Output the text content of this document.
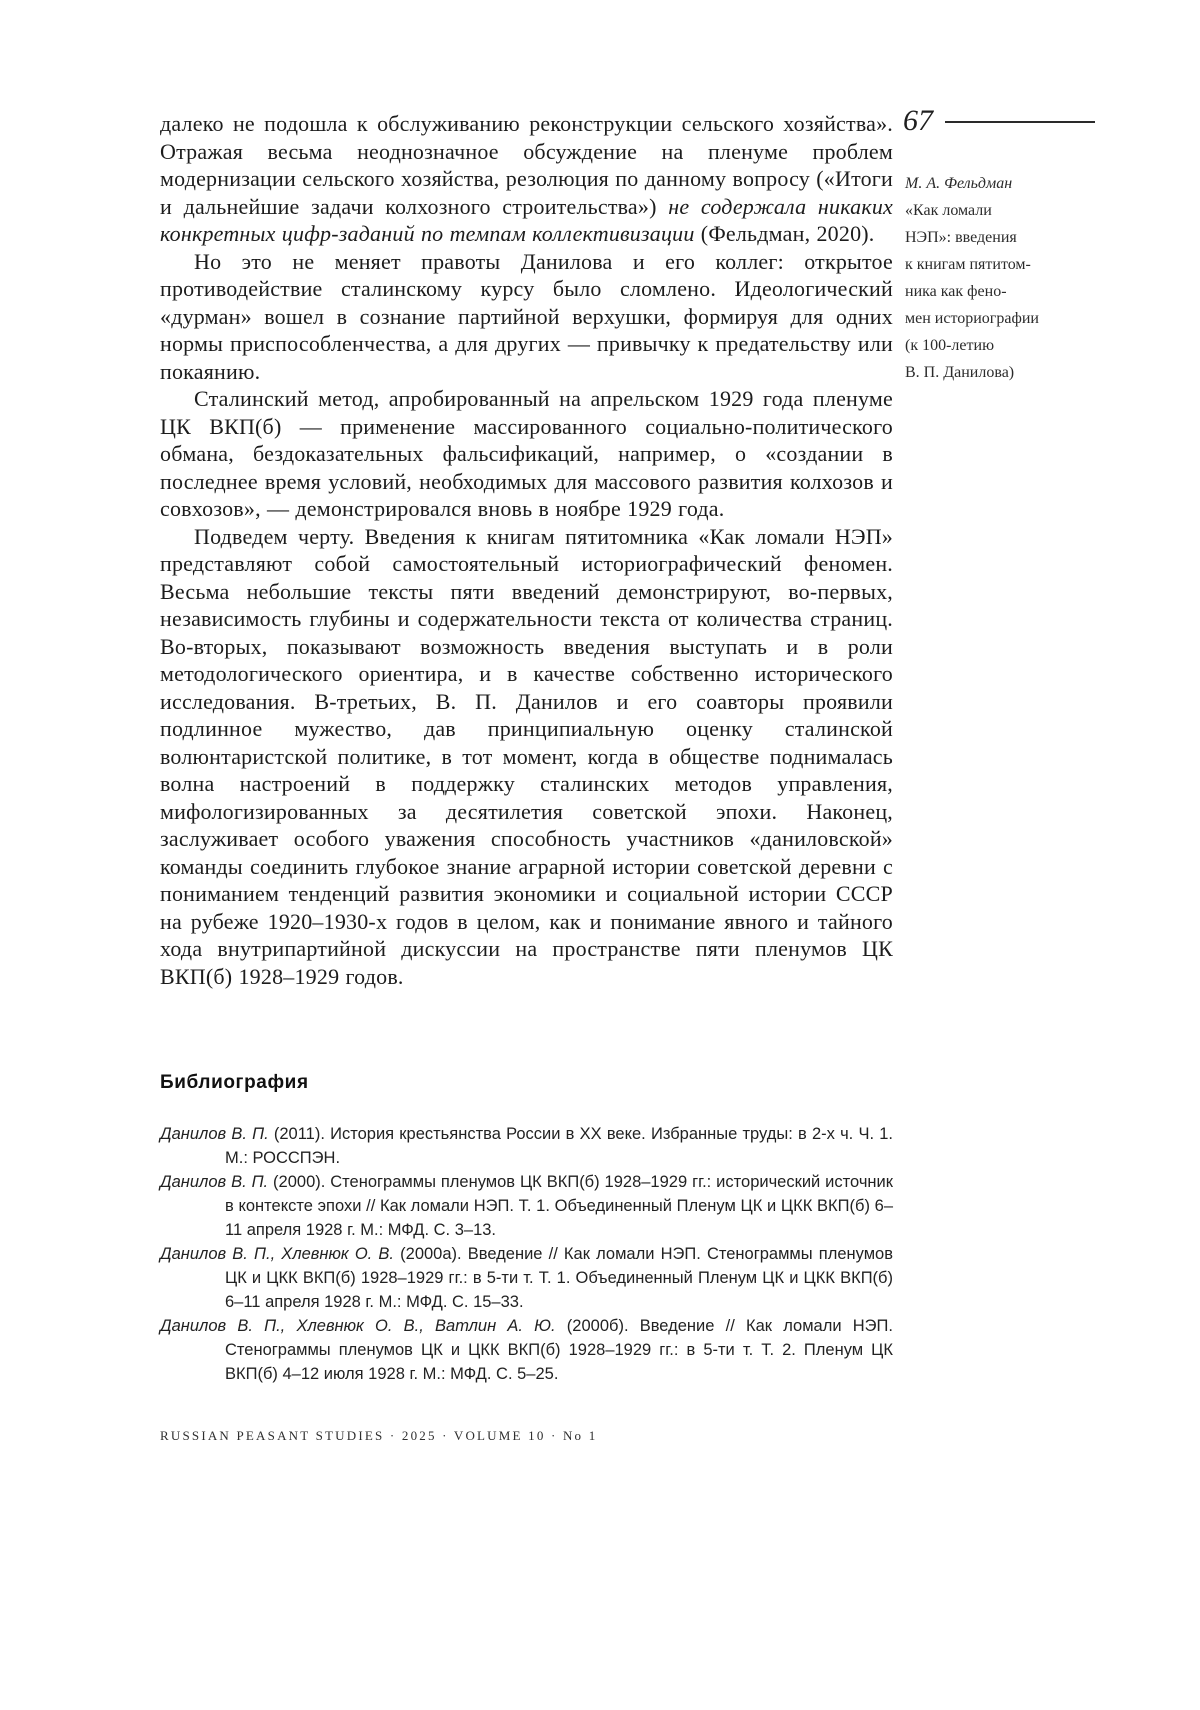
67
М. А. Фельдман
«Как ломали
НЭП»: введения
к книгам пятитом-
ника как фено-
мен историографии
(к 100-летию
В. П. Данилова)

далеко не подошла к обслуживанию реконструкции сельского хозяйства». Отражая весьма неоднозначное обсуждение на пленуме проблем модернизации сельского хозяйства, резолюция по данному вопросу («Итоги и дальнейшие задачи колхозного строительства») не содержала никаких конкретных цифр-заданий по темпам коллективизации (Фельдман, 2020).

Но это не меняет правоты Данилова и его коллег: открытое противодействие сталинскому курсу было сломлено. Идеологический «дурман» вошел в сознание партийной верхушки, формируя для одних нормы приспособленчества, а для других — привычку к предательству или покаянию.

Сталинский метод, апробированный на апрельском 1929 года пленуме ЦК ВКП(б) — применение массированного социально-политического обмана, бездоказательных фальсификаций, например, о «создании в последнее время условий, необходимых для массового развития колхозов и совхозов», — демонстрировался вновь в ноябре 1929 года.

Подведем черту. Введения к книгам пятитомника «Как ломали НЭП» представляют собой самостоятельный историографический феномен. Весьма небольшие тексты пяти введений демонстрируют, во-первых, независимость глубины и содержательности текста от количества страниц. Во-вторых, показывают возможность введения выступать и в роли методологического ориентира, и в качестве собственно исторического исследования. В-третьих, В. П. Данилов и его соавторы проявили подлинное мужество, дав принципиальную оценку сталинской волюнтаристской политике, в тот момент, когда в обществе поднималась волна настроений в поддержку сталинских методов управления, мифологизированных за десятилетия советской эпохи. Наконец, заслуживает особого уважения способность участников «даниловской» команды соединить глубокое знание аграрной истории советской деревни с пониманием тенденций развития экономики и социальной истории СССР на рубеже 1920–1930-х годов в целом, как и понимание явного и тайного хода внутрипартийной дискуссии на пространстве пяти пленумов ЦК ВКП(б) 1928–1929 годов.

Библиография

Данилов В. П. (2011). История крестьянства России в XX веке. Избранные труды: в 2-х ч. Ч. 1. М.: РОССПЭН.

Данилов В. П. (2000). Стенограммы пленумов ЦК ВКП(б) 1928–1929 гг.: исторический источник в контексте эпохи // Как ломали НЭП. Т. 1. Объединенный Пленум ЦК и ЦКК ВКП(б) 6–11 апреля 1928 г. М.: МФД. С. 3–13.

Данилов В. П., Хлевнюк О. В. (2000а). Введение // Как ломали НЭП. Стенограммы пленумов ЦК и ЦКК ВКП(б) 1928–1929 гг.: в 5-ти т. Т. 1. Объединенный Пленум ЦК и ЦКК ВКП(б) 6–11 апреля 1928 г. М.: МФД. С. 15–33.

Данилов В. П., Хлевнюк О. В., Ватлин А. Ю. (2000б). Введение // Как ломали НЭП. Стенограммы пленумов ЦК и ЦКК ВКП(б) 1928–1929 гг.: в 5-ти т. Т. 2. Пленум ЦК ВКП(б) 4–12 июля 1928 г. М.: МФД. С. 5–25.

RUSSIAN PEASANT STUDIES · 2025 · VOLUME 10 · No 1
